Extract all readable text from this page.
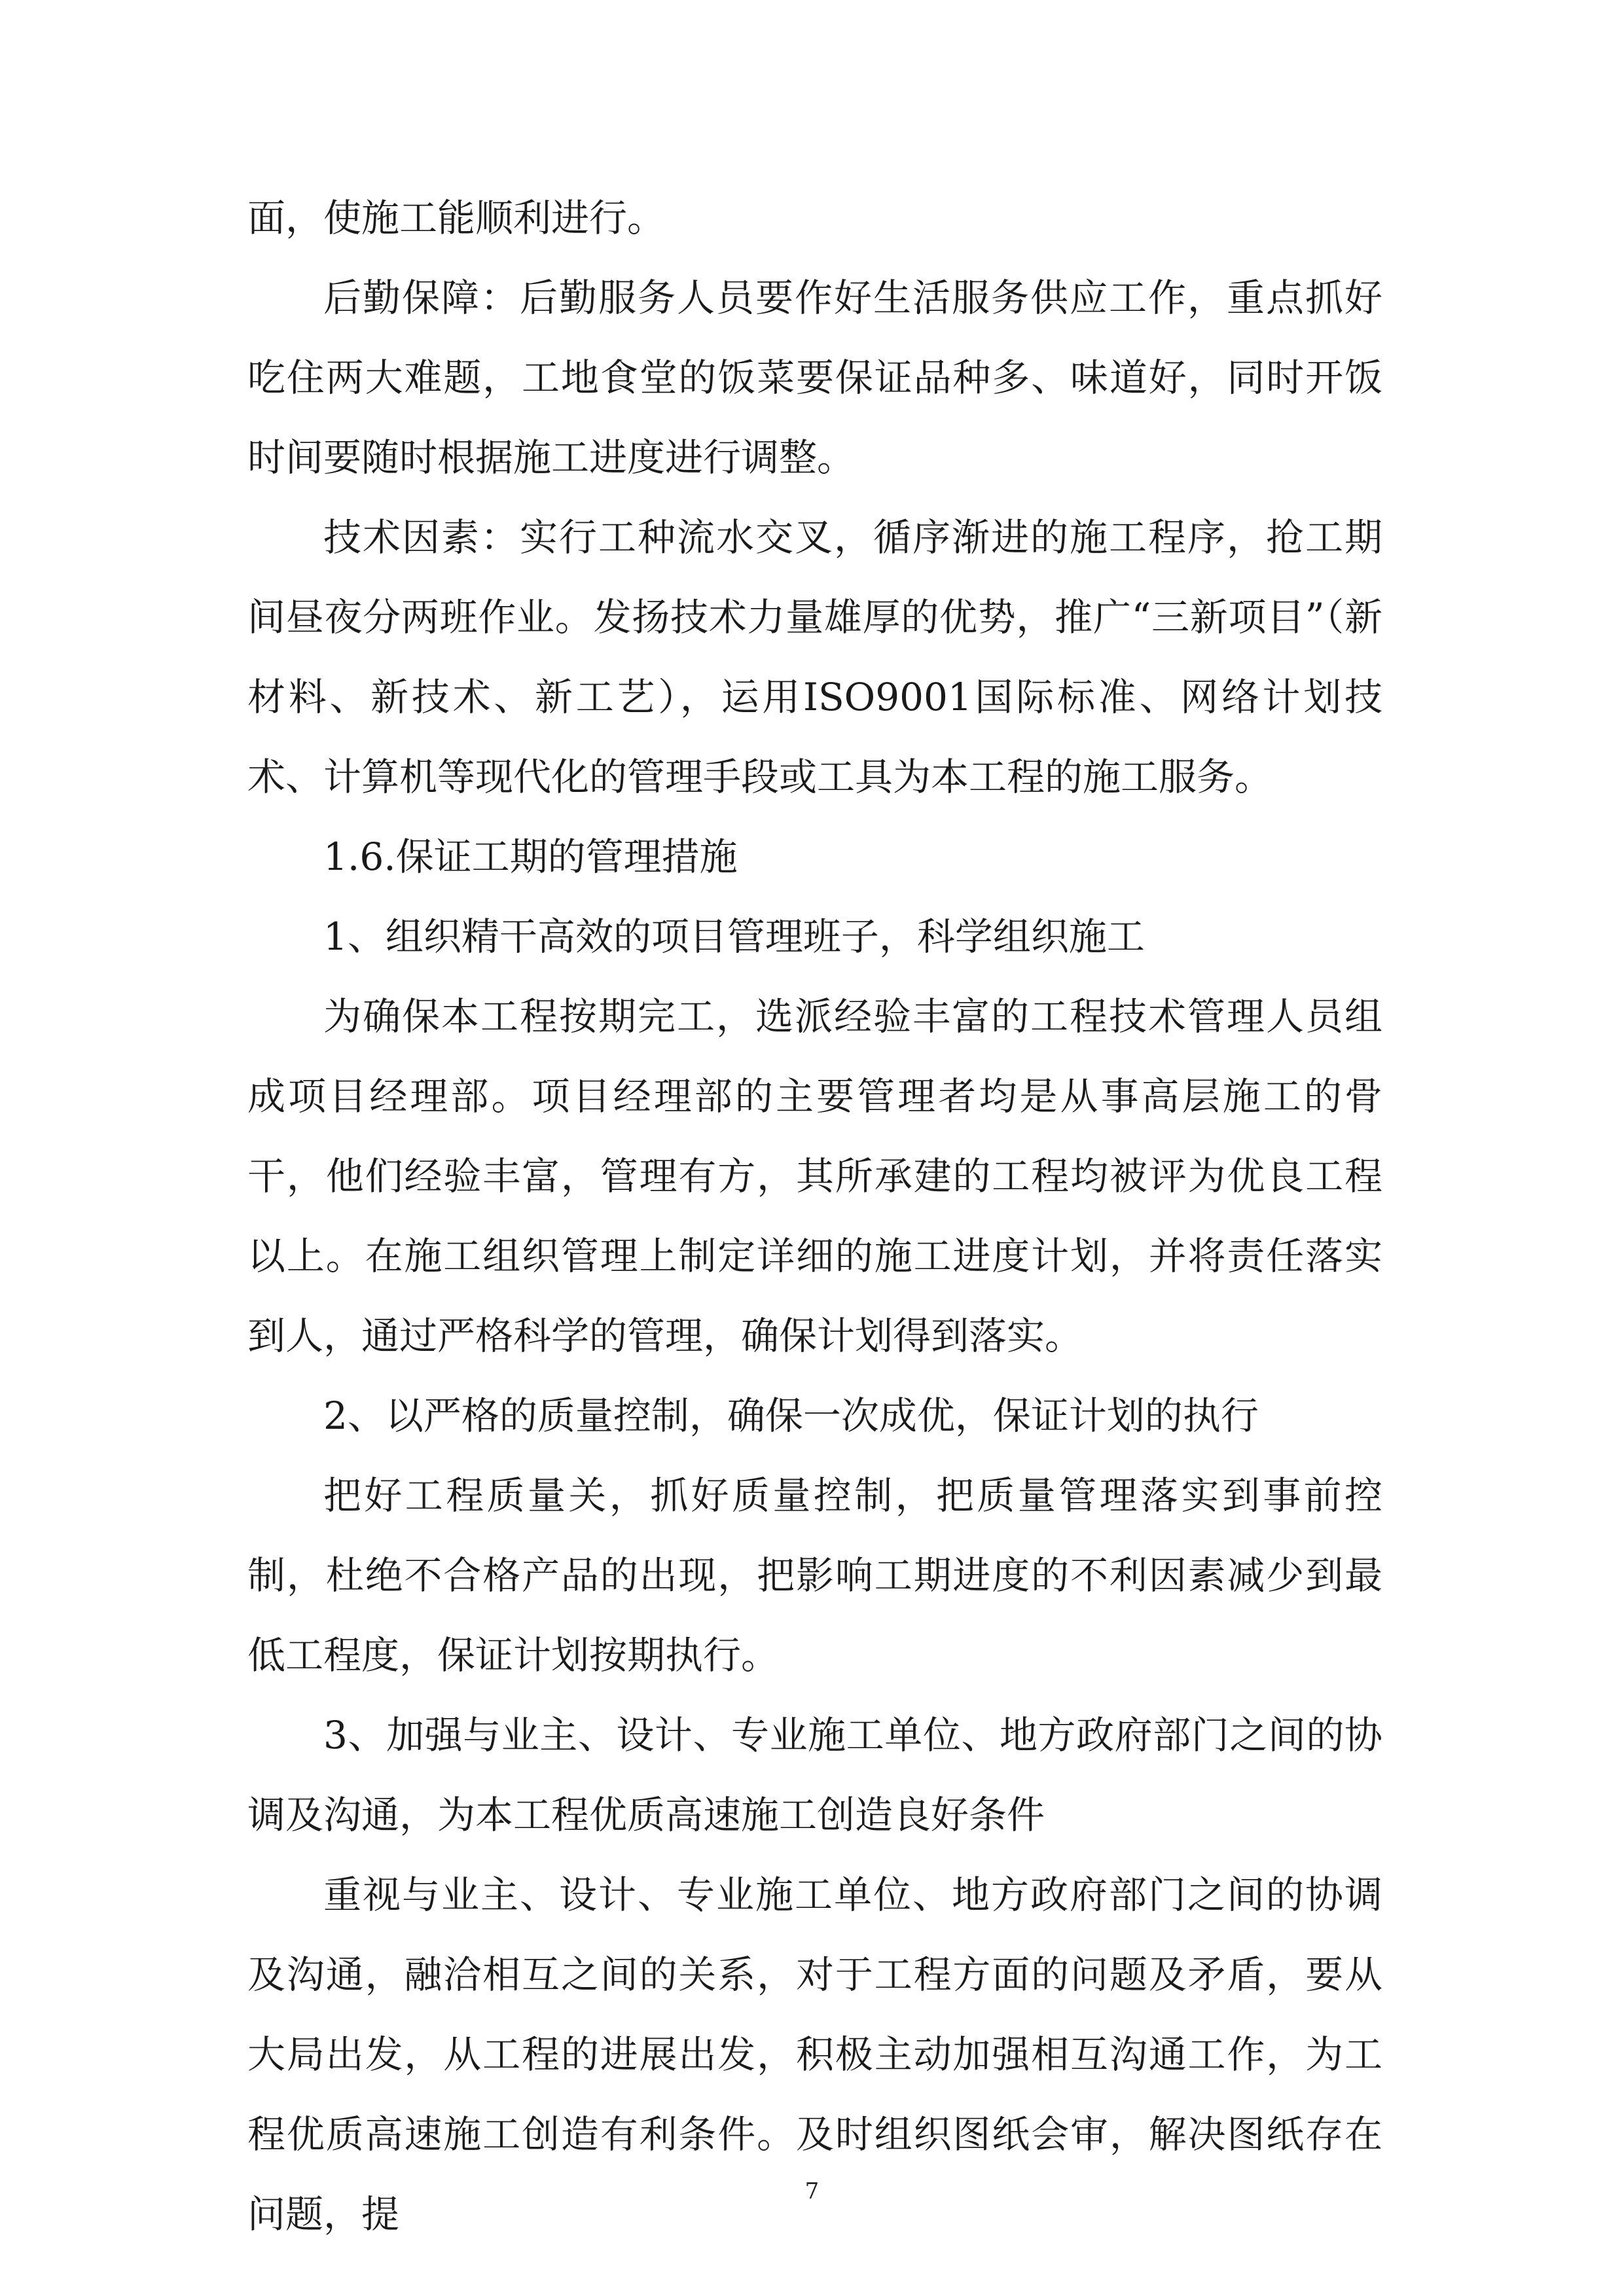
面，使施工能顺利进行。

后勤保障：后勤服务人员要作好生活服务供应工作，重点抓好吃住两大难题，工地食堂的饭菜要保证品种多、味道好，同时开饭时间要随时根据施工进度进行调整。

技术因素：实行工种流水交叉，循序渐进的施工程序，抢工期间昼夜分两班作业。发扬技术力量雄厚的优势，推广“三新项目”（新材料、新技术、新工艺），运用ISO9001国际标准、网络计划技术、计算机等现代化的管理手段或工具为本工程的施工服务。

1.6.保证工期的管理措施

1、组织精干高效的项目管理班子，科学组织施工

为确保本工程按期完工，选派经验丰富的工程技术管理人员组成项目经理部。项目经理部的主要管理者均是从事高层施工的骨干，他们经验丰富，管理有方，其所承建的工程均被评为优良工程以上。在施工组织管理上制定详细的施工进度计划，并将责任落实到人，通过严格科学的管理，确保计划得到落实。

2、以严格的质量控制，确保一次成优，保证计划的执行

把好工程质量关，抓好质量控制，把质量管理落实到事前控制，杜绝不合格产品的出现，把影响工期进度的不利因素减少到最低工程度，保证计划按期执行。

3、加强与业主、设计、专业施工单位、地方政府部门之间的协调及沟通，为本工程优质高速施工创造良好条件

重视与业主、设计、专业施工单位、地方政府部门之间的协调及沟通，融洽相互之间的关系，对于工程方面的问题及矛盾，要从大局出发，从工程的进展出发，积极主动加强相互沟通工作，为工程优质高速施工创造有利条件。及时组织图纸会审，解决图纸存在问题，提

7
